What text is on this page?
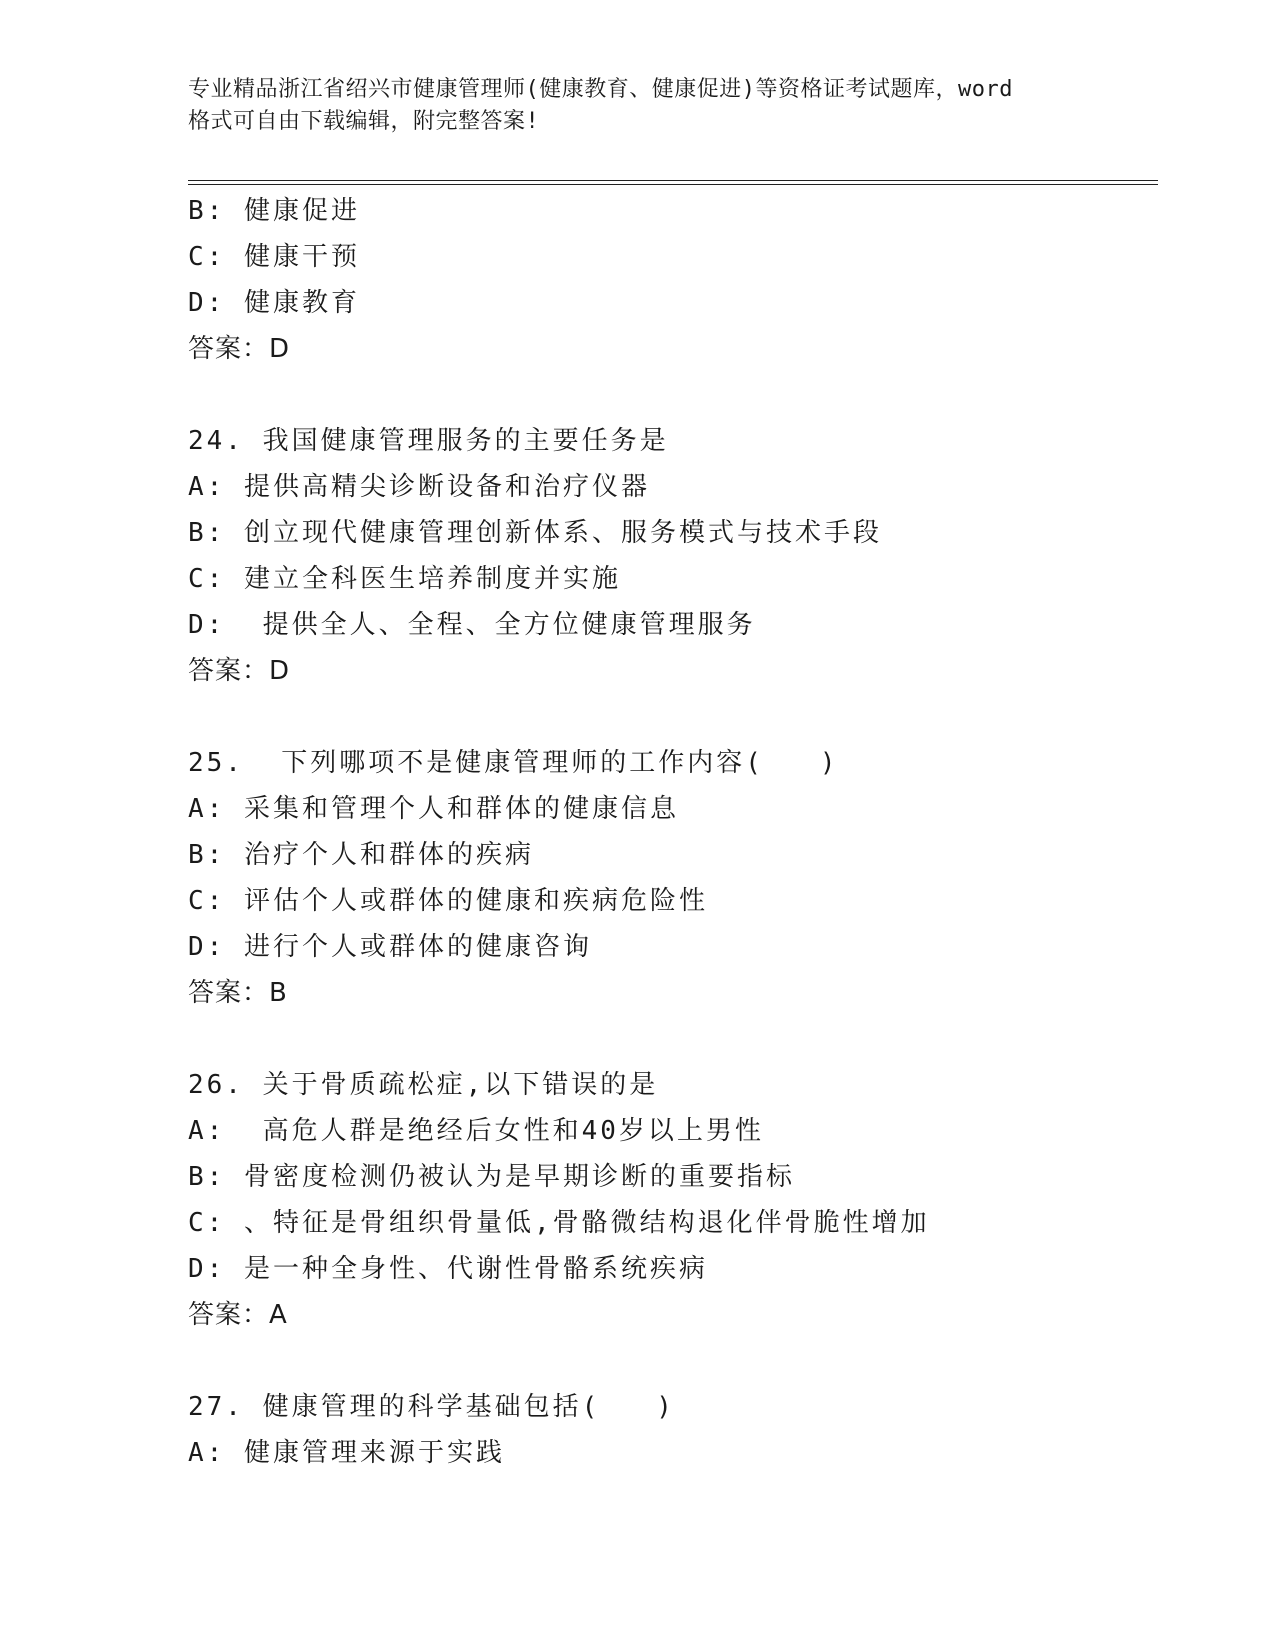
专业精品浙江省绍兴市健康管理师(健康教育、健康促进)等资格证考试题库，word
格式可自由下载编辑，附完整答案!
B: 健康促进
C: 健康干预
D: 健康教育
答案：D
24. 我国健康管理服务的主要任务是
A: 提供高精尖诊断设备和治疗仪器
B: 创立现代健康管理创新体系、服务模式与技术手段
C: 建立全科医生培养制度并实施
D:  提供全人、全程、全方位健康管理服务
答案：D
25.  下列哪项不是健康管理师的工作内容(   )
A: 采集和管理个人和群体的健康信息
B: 治疗个人和群体的疾病
C: 评估个人或群体的健康和疾病危险性
D: 进行个人或群体的健康咨询
答案：B
26. 关于骨质疏松症,以下错误的是
A:  高危人群是绝经后女性和40岁以上男性
B: 骨密度检测仍被认为是早期诊断的重要指标
C: 、特征是骨组织骨量低,骨骼微结构退化伴骨脆性增加
D: 是一种全身性、代谢性骨骼系统疾病
答案：A
27. 健康管理的科学基础包括(   )
A: 健康管理来源于实践
